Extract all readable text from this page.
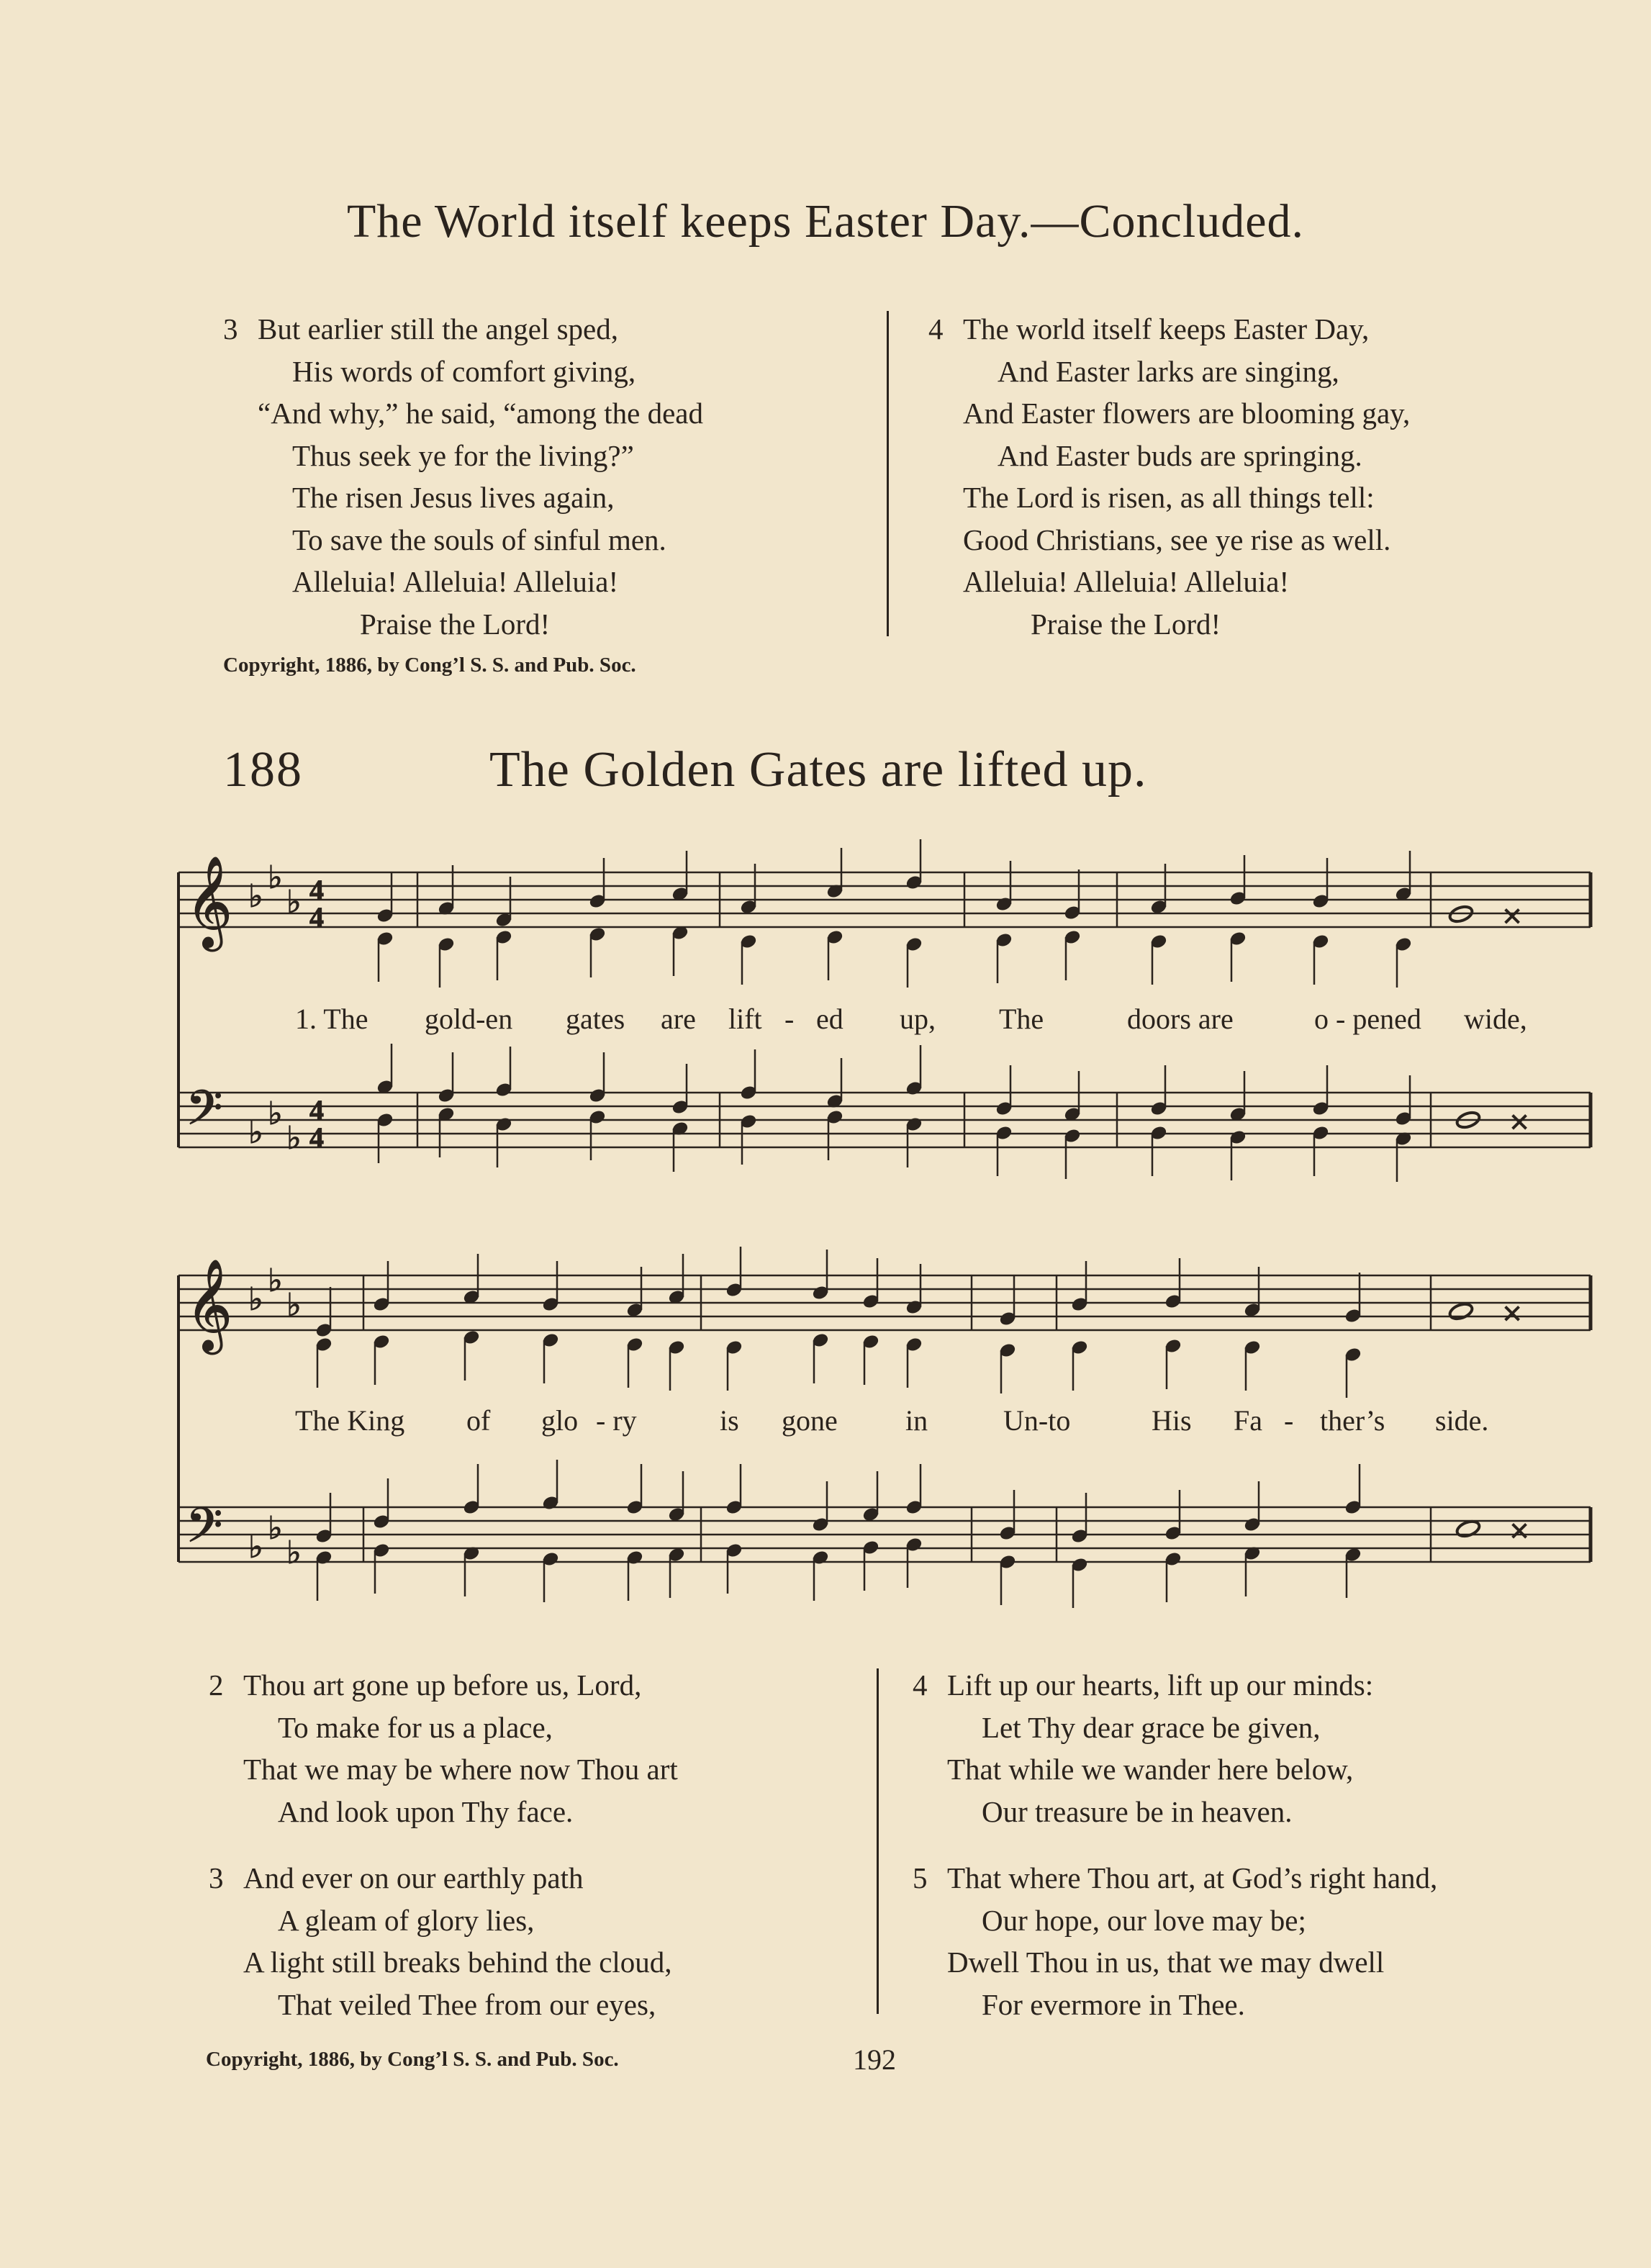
The World itself keeps Easter Day.—Concluded.
3 But earlier still the angel sped,
His words of comfort giving,
“And why,” he said, “among the dead
Thus seek ye for the living?”
The risen Jesus lives again,
To save the souls of sinful men.
Alleluia! Alleluia! Alleluia!
Praise the Lord!
Copyright, 1886, by Cong’l S. S. and Pub. Soc.
4 The world itself keeps Easter Day,
And Easter larks are singing,
And Easter flowers are blooming gay,
And Easter buds are springing.
The Lord is risen, as all things tell:
Good Christians, see ye rise as well.
Alleluia! Alleluia! Alleluia!
Praise the Lord!
188	The Golden Gates are lifted up.
𝄞
𝄢
𝄞
𝄢
♭
♭
♭
♭
♭
♭
♭
♭
♭
♭
♭
♭
4
4
4
4
×
×
×
×
1. The gold-en gates are lift - ed up, The	doors are	o - pened wide,
The King of glo - ry	is gone in	Un-to	His Fa - ther’s side.
2 Thou art gone up before us, Lord,
To make for us a place,
That we may be where now Thou art
And look upon Thy face.
3 And ever on our earthly path
A gleam of glory lies,
A light still breaks behind the cloud,
That veiled Thee from our eyes,
4 Lift up our hearts, lift up our minds:
Let Thy dear grace be given,
That while we wander here below,
Our treasure be in heaven.
5 That where Thou art, at God’s right hand,
Our hope, our love may be;
Dwell Thou in us, that we may dwell
For evermore in Thee.
Copyright, 1886, by Cong’l S. S. and Pub. Soc.	192
